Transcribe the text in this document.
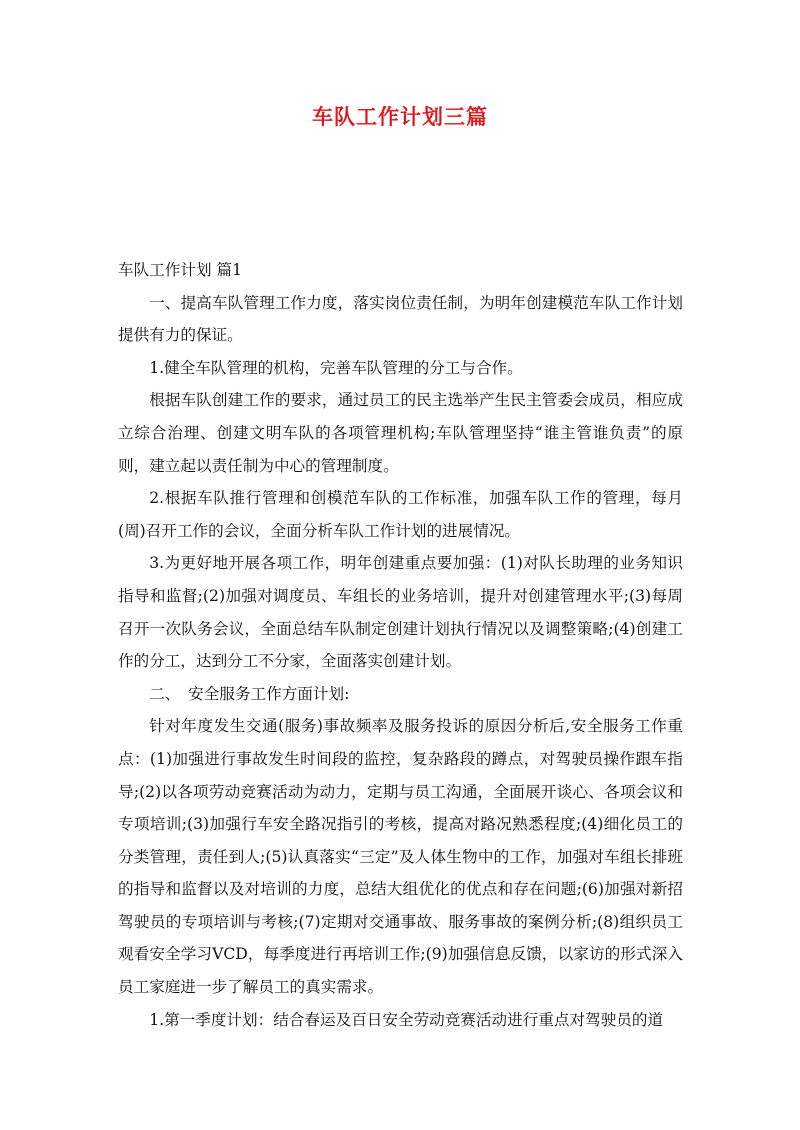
车队工作计划三篇

车队工作计划 篇1

一、提高车队管理工作力度，落实岗位责任制，为明年创建模范车队工作计划提供有力的保证。

1.健全车队管理的机构，完善车队管理的分工与合作。

根据车队创建工作的要求，通过员工的民主选举产生民主管委会成员，相应成立综合治理、创建文明车队的各项管理机构;车队管理坚持“谁主管谁负责”的原则，建立起以责任制为中心的管理制度。

2.根据车队推行管理和创模范车队的工作标准，加强车队工作的管理，每月(周)召开工作的会议，全面分析车队工作计划的进展情况。

3.为更好地开展各项工作，明年创建重点要加强：(1)对队长助理的业务知识指导和监督;(2)加强对调度员、车组长的业务培训，提升对创建管理水平;(3)每周召开一次队务会议，全面总结车队制定创建计划执行情况以及调整策略;(4)创建工作的分工，达到分工不分家，全面落实创建计划。

二、　安全服务工作方面计划:

针对年度发生交通(服务)事故频率及服务投诉的原因分析后,安全服务工作重点：(1)加强进行事故发生时间段的监控，复杂路段的蹲点，对驾驶员操作跟车指导;(2)以各项劳动竞赛活动为动力，定期与员工沟通，全面展开谈心、各项会议和专项培训;(3)加强行车安全路况指引的考核，提高对路况熟悉程度;(4)细化员工的分类管理，责任到人;(5)认真落实“三定”及人体生物中的工作，加强对车组长排班的指导和监督以及对培训的力度，总结大组优化的优点和存在问题;(6)加强对新招驾驶员的专项培训与考核;(7)定期对交通事故、服务事故的案例分析;(8)组织员工观看安全学习VCD，每季度进行再培训工作;(9)加强信息反馈，以家访的形式深入员工家庭进一步了解员工的真实需求。

1.第一季度计划：结合春运及百日安全劳动竞赛活动进行重点对驾驶员的道
